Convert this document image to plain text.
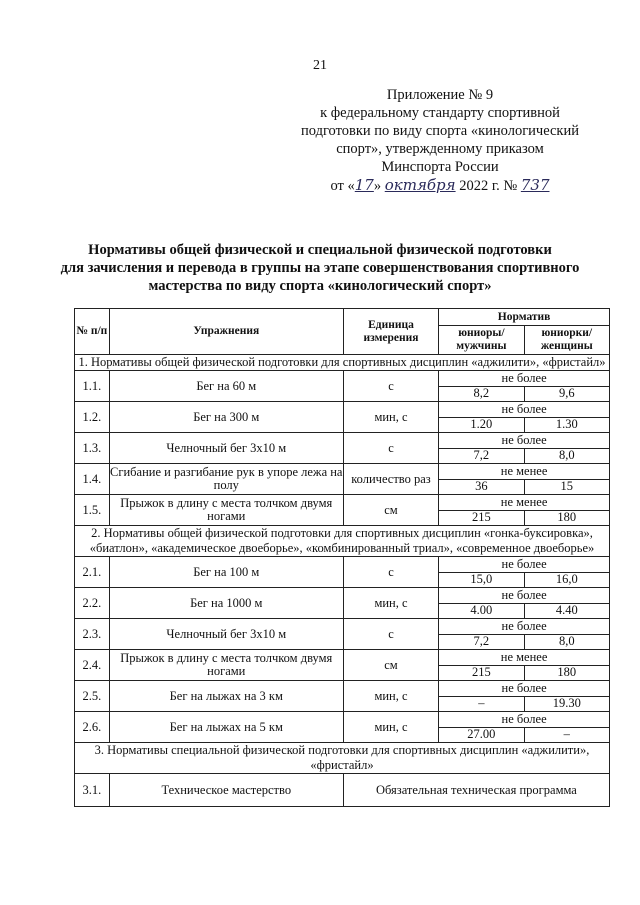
21
Приложение № 9
к федеральному стандарту спортивной
подготовки по виду спорта «кинологический
спорт», утвержденному приказом
Минспорта России
от «17» октября 2022 г. № 737
Нормативы общей физической и специальной физической подготовки
для зачисления и перевода в группы на этапе совершенствования спортивного
мастерства по виду спорта «кинологический спорт»
№ п/п	Упражнения	Единица измерения	Норматив	
			юниоры/ мужчины	юниорки/ женщины
1. Нормативы общей физической подготовки для спортивных дисциплин «аджилити», «фристайл»				
1.1.	Бег на 60 м	с	не более	
			8,2	9,6
1.2.	Бег на 300 м	мин, с	не более	
			1.20	1.30
1.3.	Челночный бег 3x10 м	с	не более	
			7,2	8,0
1.4.	Сгибание и разгибание рук в упоре лежа на полу	количество раз	не менее	
			36	15
1.5.	Прыжок в длину с места толчком двумя ногами	см	не менее	
			215	180
2. Нормативы общей физической подготовки для спортивных дисциплин «гонка-буксировка», «биатлон», «академическое двоеборье», «комбинированный триал», «современное двоеборье»				
2.1.	Бег на 100 м	с	не более	
			15,0	16,0
2.2.	Бег на 1000 м	мин, с	не более	
			4.00	4.40
2.3.	Челночный бег 3x10 м	с	не более	
			7,2	8,0
2.4.	Прыжок в длину с места толчком двумя ногами	см	не менее	
			215	180
2.5.	Бег на лыжах на 3 км	мин, с	не более	
			–	19.30
2.6.	Бег на лыжах на 5 км	мин, с	не более	
			27.00	–
3. Нормативы специальной физической подготовки для спортивных дисциплин «аджилити», «фристайл»				
3.1.	Техническое мастерство	Обязательная техническая программа		
